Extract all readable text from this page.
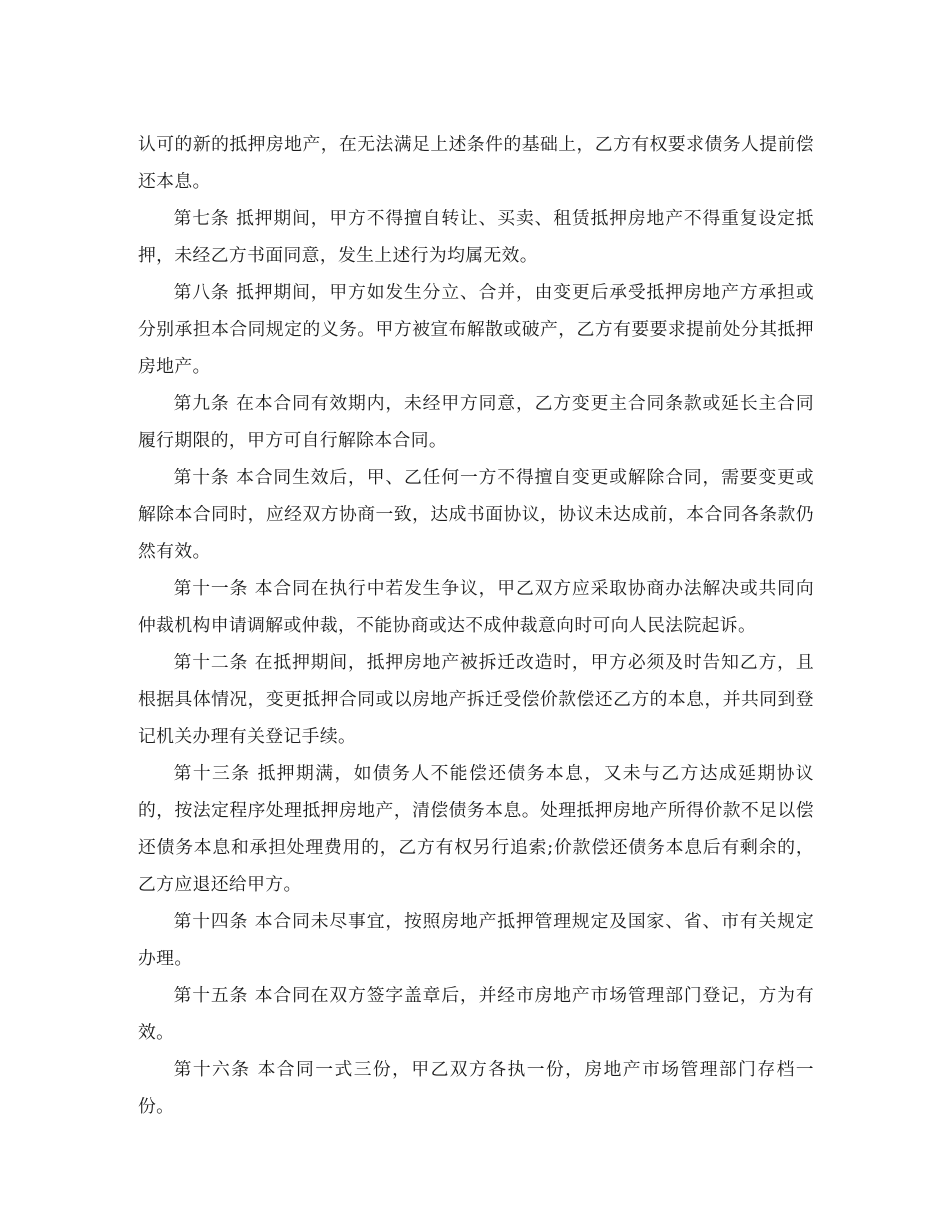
认可的新的抵押房地产，在无法满足上述条件的基础上，乙方有权要求债务人提前偿还本息。

第七条 抵押期间，甲方不得擅自转让、买卖、租赁抵押房地产不得重复设定抵押，未经乙方书面同意，发生上述行为均属无效。

第八条 抵押期间，甲方如发生分立、合并，由变更后承受抵押房地产方承担或分别承担本合同规定的义务。甲方被宣布解散或破产，乙方有要要求提前处分其抵押房地产。

第九条 在本合同有效期内，未经甲方同意，乙方变更主合同条款或延长主合同履行期限的，甲方可自行解除本合同。

第十条 本合同生效后，甲、乙任何一方不得擅自变更或解除合同，需要变更或解除本合同时，应经双方协商一致，达成书面协议，协议未达成前，本合同各条款仍然有效。

第十一条 本合同在执行中若发生争议，甲乙双方应采取协商办法解决或共同向仲裁机构申请调解或仲裁，不能协商或达不成仲裁意向时可向人民法院起诉。

第十二条 在抵押期间，抵押房地产被拆迁改造时，甲方必须及时告知乙方，且根据具体情况，变更抵押合同或以房地产拆迁受偿价款偿还乙方的本息，并共同到登记机关办理有关登记手续。

第十三条 抵押期满，如债务人不能偿还债务本息，又未与乙方达成延期协议的，按法定程序处理抵押房地产，清偿债务本息。处理抵押房地产所得价款不足以偿还债务本息和承担处理费用的，乙方有权另行追索;价款偿还债务本息后有剩余的，乙方应退还给甲方。

第十四条 本合同未尽事宜，按照房地产抵押管理规定及国家、省、市有关规定办理。

第十五条 本合同在双方签字盖章后，并经市房地产市场管理部门登记，方为有效。

第十六条 本合同一式三份，甲乙双方各执一份，房地产市场管理部门存档一份。
